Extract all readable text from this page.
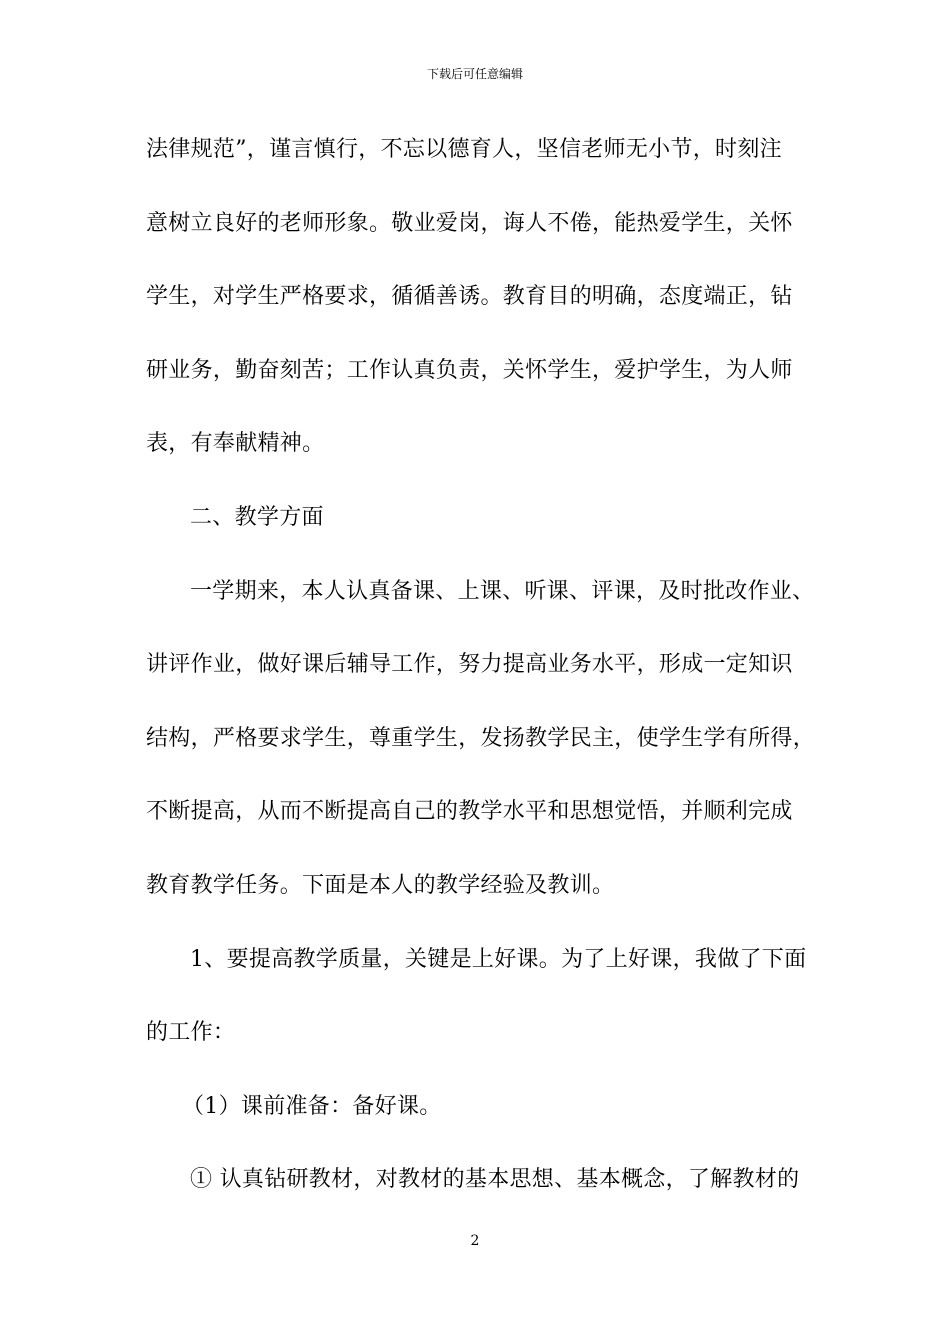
下载后可任意编辑
法律规范”，谨言慎行，不忘以德育人，坚信老师无小节，时刻注
意树立良好的老师形象。敬业爱岗，诲人不倦，能热爱学生，关怀
学生，对学生严格要求，循循善诱。教育目的明确，态度端正，钻
研业务，勤奋刻苦；工作认真负责，关怀学生，爱护学生，为人师
表，有奉献精神。
二、教学方面
一学期来，本人认真备课、上课、听课、评课，及时批改作业、
讲评作业，做好课后辅导工作，努力提高业务水平，形成一定知识
结构，严格要求学生，尊重学生，发扬教学民主，使学生学有所得，
不断提高，从而不断提高自己的教学水平和思想觉悟，并顺利完成
教育教学任务。下面是本人的教学经验及教训。
1、要提高教学质量，关键是上好课。为了上好课，我做了下面
的工作：
（1）课前准备：备好课。
① 认真钻研教材，对教材的基本思想、基本概念，了解教材的
2
